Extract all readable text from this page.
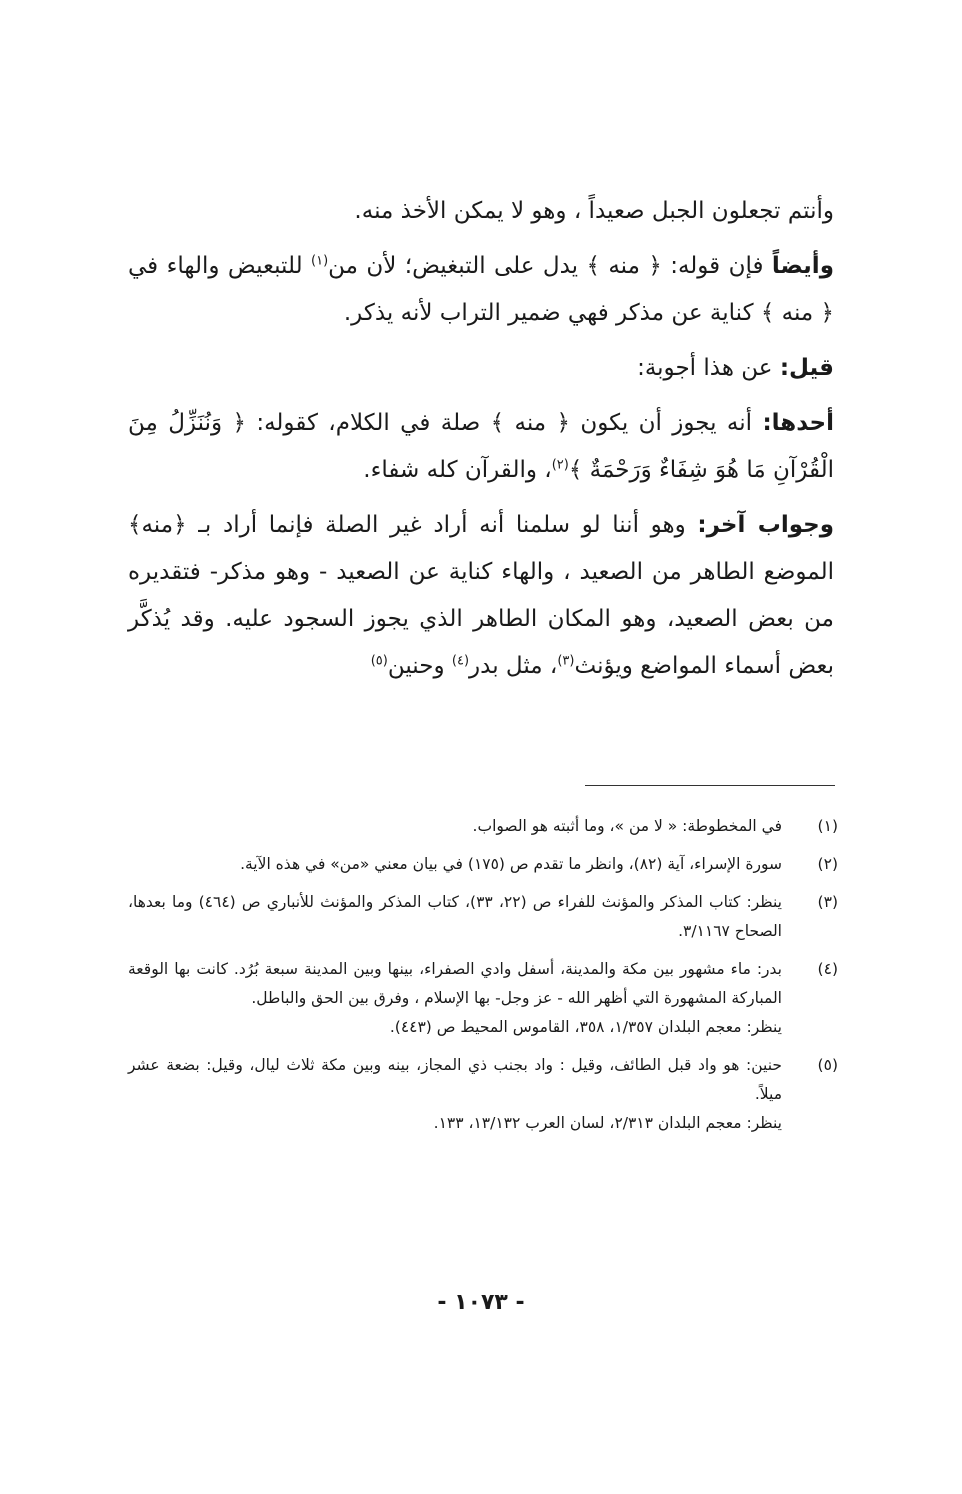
وأنتم تجعلون الجبل صعيداً ، وهو لا يمكن الأخذ منه.

وأيضاً فإن قوله: ﴿ منه ﴾ يدل على التبغيض؛ لأن من$^{(١)}$ للتبعيض والهاء في ﴿ منه ﴾ كناية عن مذكر فهي ضمير التراب لأنه يذكر.

قيل: عن هذا أجوبة:

أحدها: أنه يجوز أن يكون ﴿ منه ﴾ صلة في الكلام، كقوله: ﴿ وَنُنَزِّلُ مِنَ الْقُرْآنِ مَا هُوَ شِفَاءٌ وَرَحْمَةٌ ﴾$^{(٢)}$، والقرآن كله شفاء.

وجواب آخر: وهو أننا لو سلمنا أنه أراد غير الصلة فإنما أراد بـ ﴿منه﴾ الموضع الطاهر من الصعيد ، والهاء كناية عن الصعيد - وهو مذكر- فتقديره من بعض الصعيد، وهو المكان الطاهر الذي يجوز السجود عليه. وقد يُذكَّر بعض أسماء المواضع ويؤنث$^{(٣)}$، مثل بدر$^{(٤)}$ وحنين$^{(٥)}$

(١)
في المخطوطة: « لا من »، وما أثبته هو الصواب.
(٢)
سورة الإسراء، آية (٨٢)، وانظر ما تقدم ص (١٧٥) في بيان معني «من» في هذه الآية.
(٣)
ينظر: كتاب المذكر والمؤنث للفراء ص (٢٢، ٣٣)، كتاب المذكر والمؤنث للأنباري ص (٤٦٤) وما بعدها، الصحاح ٣/١١٦٧.
(٤)
بدر: ماء مشهور بين مكة والمدينة، أسفل وادي الصفراء، بينها وبين المدينة سبعة بُرُد. كانت بها الوقعة المباركة المشهورة التي أظهر الله - عز وجل- بها الإسلام ، وفرق بين الحق والباطل.
ينظر: معجم البلدان ١/٣٥٧، ٣٥٨، القاموس المحيط ص (٤٤٣).
(٥)
حنين: هو واد قبل الطائف، وقيل : واد بجنب ذي المجاز، بينه وبين مكة ثلاث ليال، وقيل: بضعة عشر ميلاً.
ينظر: معجم البلدان ٢/٣١٣، لسان العرب ١٣/١٣٢، ١٣٣.
- ١٠٧٣ -
